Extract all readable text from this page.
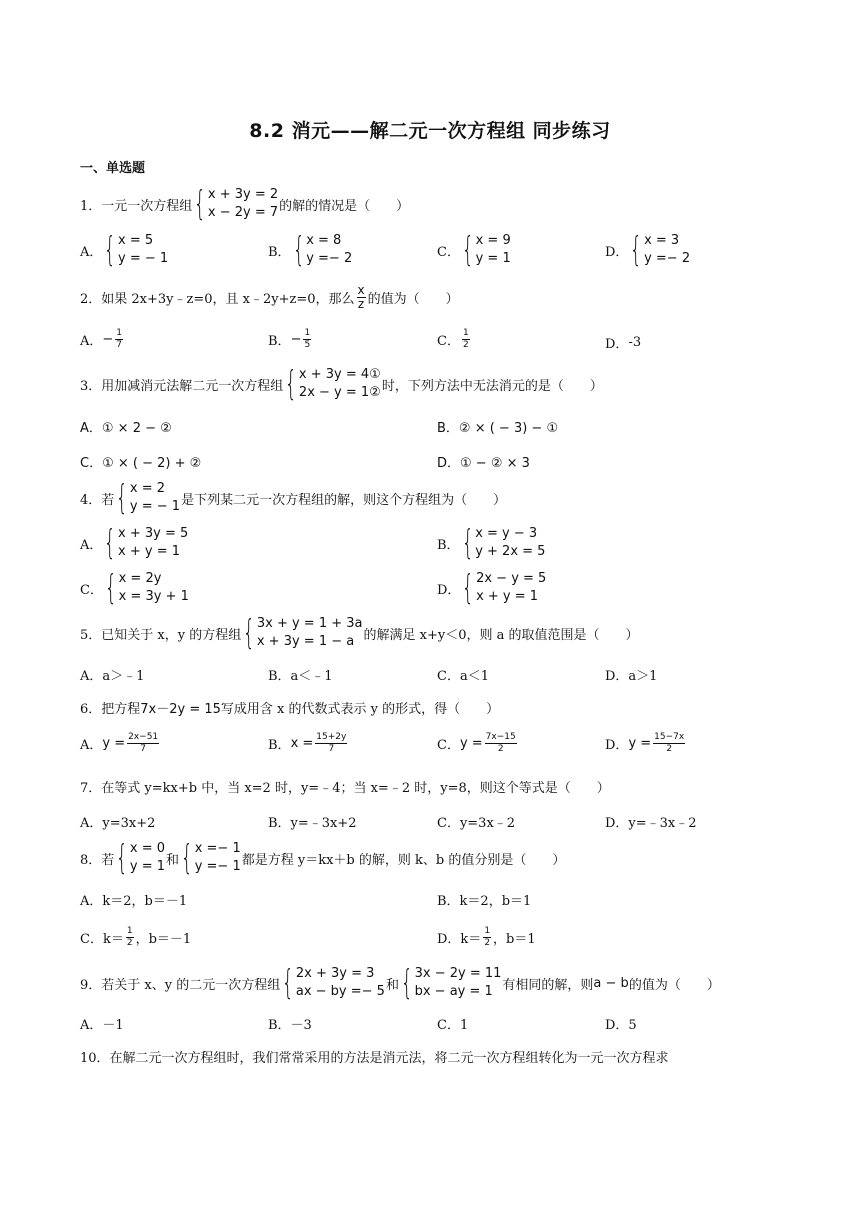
8.2 消元——解二元一次方程组 同步练习
一、单选题
1．一元一次方程组 { x + 3y = 2
x − 2y = 7 的解的情况是（　　）
A． { x = 5
y = − 1	B． { x = 8
y =− 2	C． { x = 9
y = 1	D． { x = 3
y =− 2
2．如果 2x+3y﹣z=0，且 x﹣2y+z=0，那么 $\frac{x}{z}$ 的值为（　　）
A． − $\frac{1}{7}$	B． − $\frac{1}{5}$	C． $\frac{1}{2}$	D． -3
3．用加减消元法解二元一次方程组 { x + 3y = 4①
2x − y = 1② 时，下列方法中无法消元的是（　　）
A．① × 2 − ②	B．② × ( − 3) − ①
C．① × ( − 2) + ②	D．① − ② × 3
4．若 { x = 2
y = − 1 是下列某二元一次方程组的解，则这个方程组为（　　）
A． { x + 3y = 5
x + y = 1	B． { x = y − 3
y + 2x = 5
C． { x = 2y
x = 3y + 1	D． { 2x − y = 5
x + y = 1
5．已知关于 x，y 的方程组 { 3x + y = 1 + 3a
x + 3y = 1 − a 的解满足 x+y＜0，则 a 的取值范围是（　　）
A．a＞﹣1	B．a＜﹣1	C．a＜1	D．a＞1
6．把方程 7x－2y = 15 写成用含 x 的代数式表示 y 的形式，得（　　）
A． $y = \frac{2x-51}{7}$	B． $x = \frac{15+2y}{7}$	C． $y = \frac{7x-15}{2}$	D． $y = \frac{15-7x}{2}$
7．在等式 y=kx+b 中，当 x=2 时，y=﹣4；当 x=﹣2 时，y=8，则这个等式是（　　）
A．y=3x+2	B．y=﹣3x+2	C．y=3x﹣2	D．y=﹣3x﹣2
8．若 { x = 0
y = 1 和 { x =− 1
y =− 1 都是方程 y＝kx＋b 的解，则 k、b 的值分别是（　　）
A．k＝2，b＝－1	B．k＝2，b＝1
C．$k= \frac{1}{2}$ ，b＝－1	D．$k= \frac{1}{2}$ ，b＝1
9．若关于 x、y 的二元一次方程组 { 2x + 3y = 3
ax − by =− 5 和 { 3x − 2y = 11
bx − ay = 1 有相同的解，则 a − b 的值为（　　）
A．－1	B．－3	C．1	D．5
10．在解二元一次方程组时，我们常常采用的方法是消元法，将二元一次方程组转化为一元一次方程求
